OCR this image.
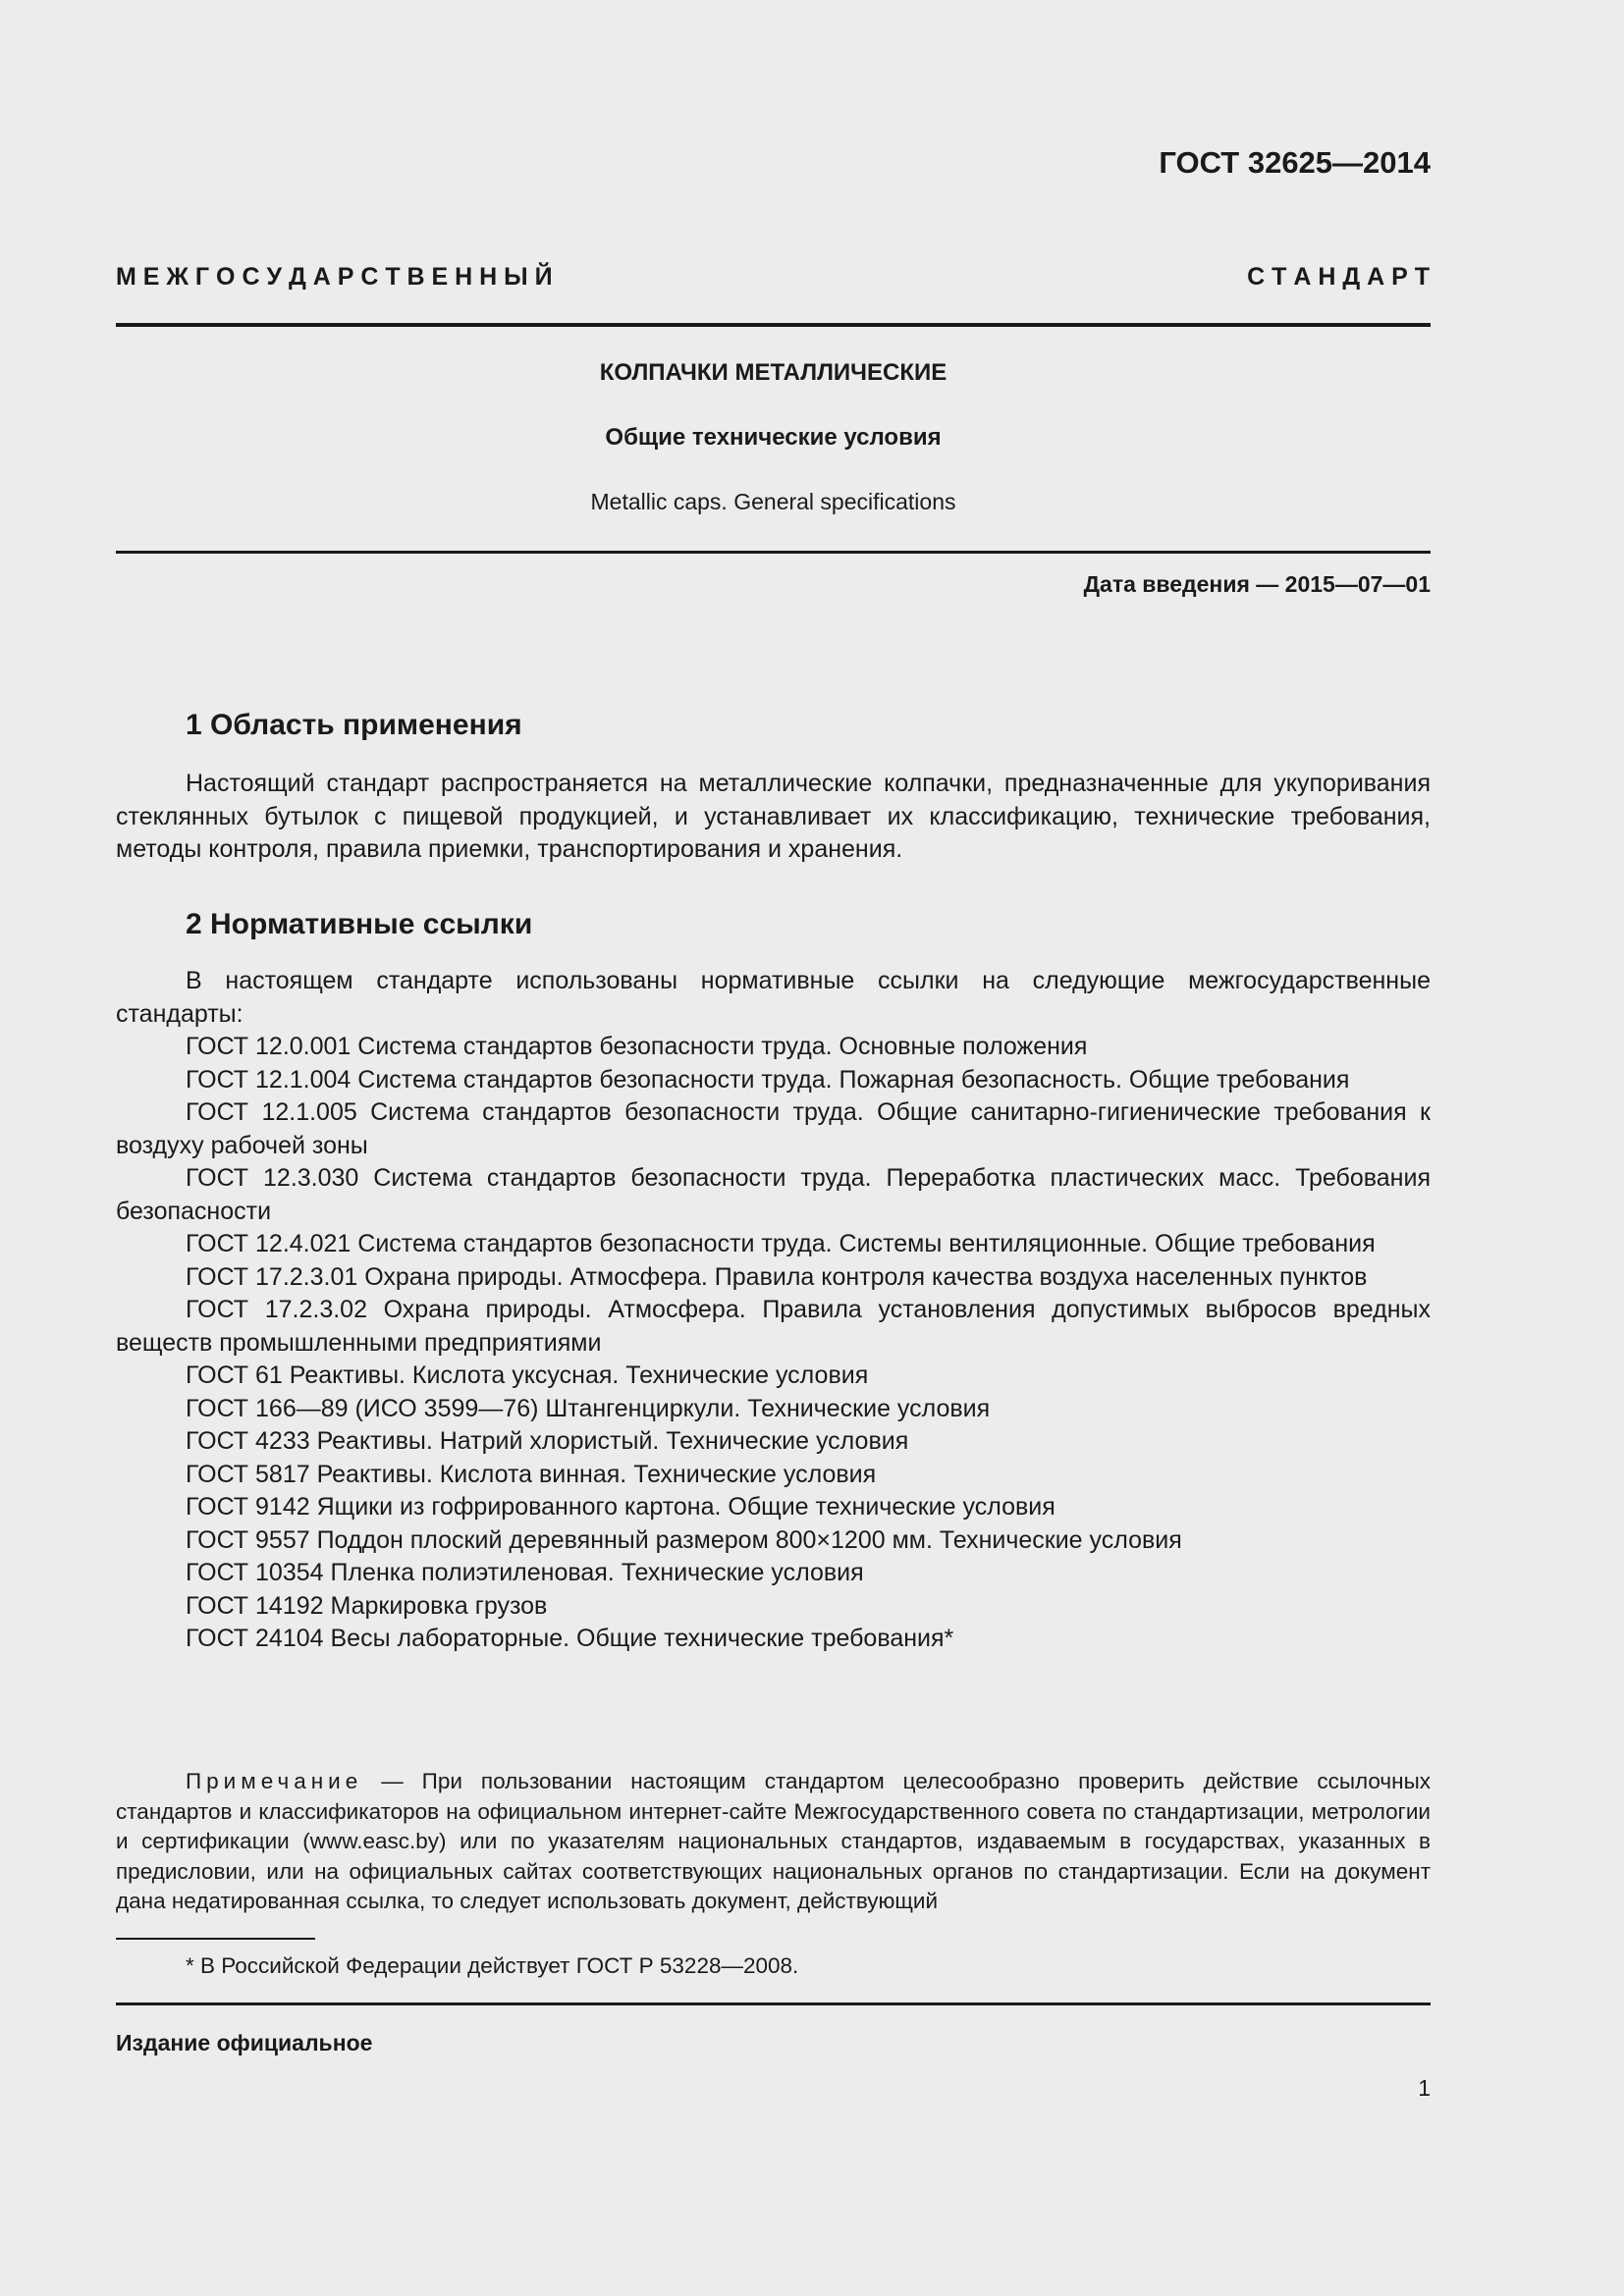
ГОСТ 32625—2014
М Е Ж Г О С У Д А Р С Т В Е Н Н Ы Й	С Т А Н Д А Р Т
КОЛПАЧКИ МЕТАЛЛИЧЕСКИЕ
Общие технические условия
Metallic caps. General specifications
Дата введения — 2015—07—01
1 Область применения
Настоящий стандарт распространяется на металлические колпачки, предназначенные для укупоривания стеклянных бутылок с пищевой продукцией, и устанавливает их классификацию, технические требования, методы контроля, правила приемки, транспортирования и хранения.
2 Нормативные ссылки
В настоящем стандарте использованы нормативные ссылки на следующие межгосударственные стандарты:

ГОСТ 12.0.001 Система стандартов безопасности труда. Основные положения

ГОСТ 12.1.004 Система стандартов безопасности труда. Пожарная безопасность. Общие требования

ГОСТ 12.1.005 Система стандартов безопасности труда. Общие санитарно-гигиенические требования к воздуху рабочей зоны

ГОСТ 12.3.030 Система стандартов безопасности труда. Переработка пластических масс. Требования безопасности

ГОСТ 12.4.021 Система стандартов безопасности труда. Системы вентиляционные. Общие требования

ГОСТ 17.2.3.01 Охрана природы. Атмосфера. Правила контроля качества воздуха населенных пунктов

ГОСТ 17.2.3.02 Охрана природы. Атмосфера. Правила установления допустимых выбросов вредных веществ промышленными предприятиями

ГОСТ 61 Реактивы. Кислота уксусная. Технические условия

ГОСТ 166—89 (ИСО 3599—76) Штангенциркули. Технические условия

ГОСТ 4233 Реактивы. Натрий хлористый. Технические условия

ГОСТ 5817 Реактивы. Кислота винная. Технические условия

ГОСТ 9142 Ящики из гофрированного картона. Общие технические условия

ГОСТ 9557 Поддон плоский деревянный размером 800×1200 мм. Технические условия

ГОСТ 10354 Пленка полиэтиленовая. Технические условия

ГОСТ 14192 Маркировка грузов

ГОСТ 24104 Весы лабораторные. Общие технические требования*

Примечание — При пользовании настоящим стандартом целесообразно проверить действие ссылочных стандартов и классификаторов на официальном интернет-сайте Межгосударственного совета по стандартизации, метрологии и сертификации (www.easc.by) или по указателям национальных стандартов, издаваемым в государствах, указанных в предисловии, или на официальных сайтах соответствующих национальных органов по стандартизации. Если на документ дана недатированная ссылка, то следует использовать документ, действующий
* В Российской Федерации действует ГОСТ Р 53228—2008.
Издание официальное
1
